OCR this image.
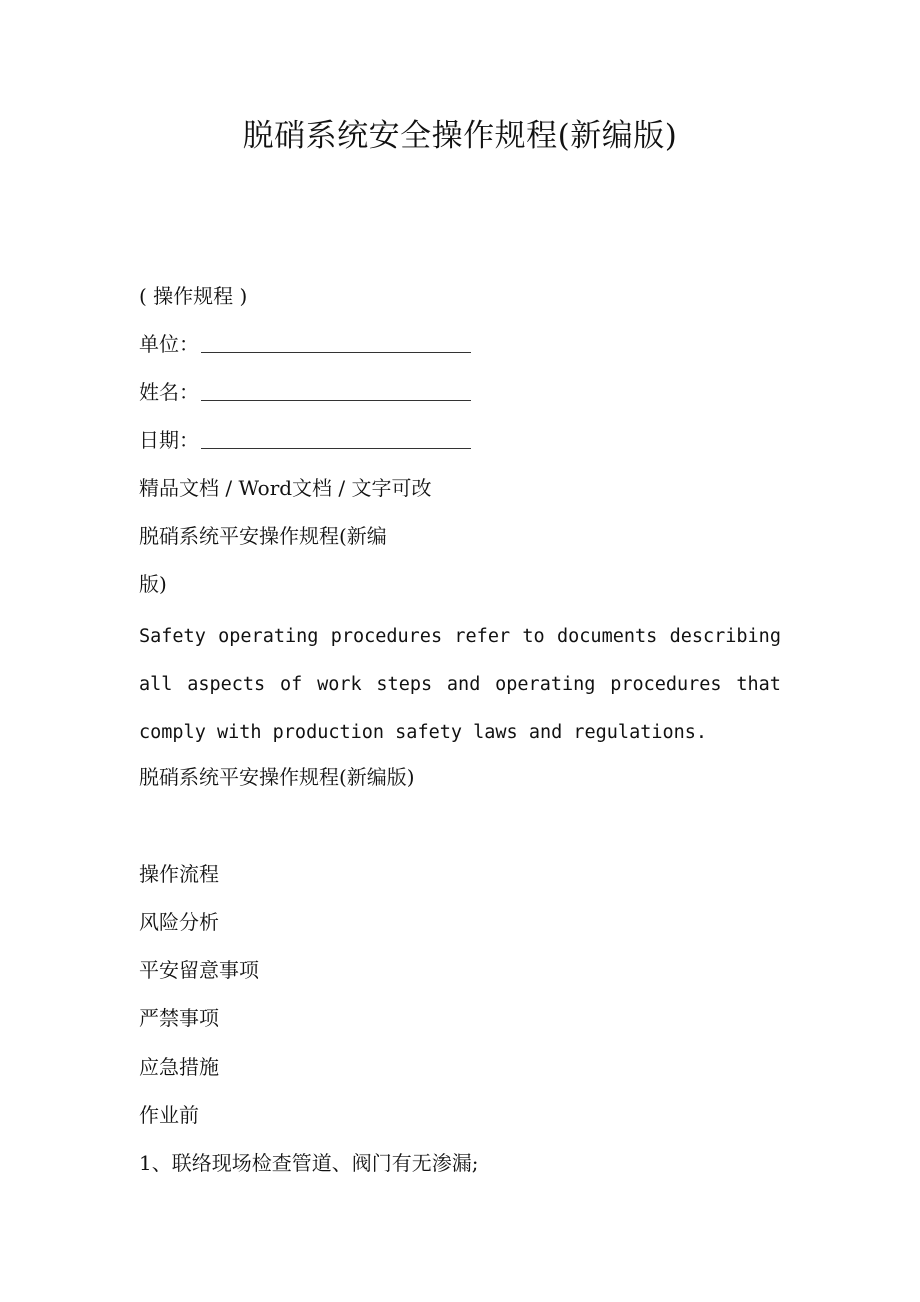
脱硝系统安全操作规程(新编版)
( 操作规程 )
单位：
姓名：
日期：
精品文档 / Word文档 / 文字可改
脱硝系统平安操作规程(新编
版)
Safety operating procedures refer to documents describing
all aspects of work steps and operating procedures that
comply with production safety laws and regulations.
脱硝系统平安操作规程(新编版)
操作流程
风险分析
平安留意事项
严禁事项
应急措施
作业前
1、联络现场检查管道、阀门有无渗漏;
